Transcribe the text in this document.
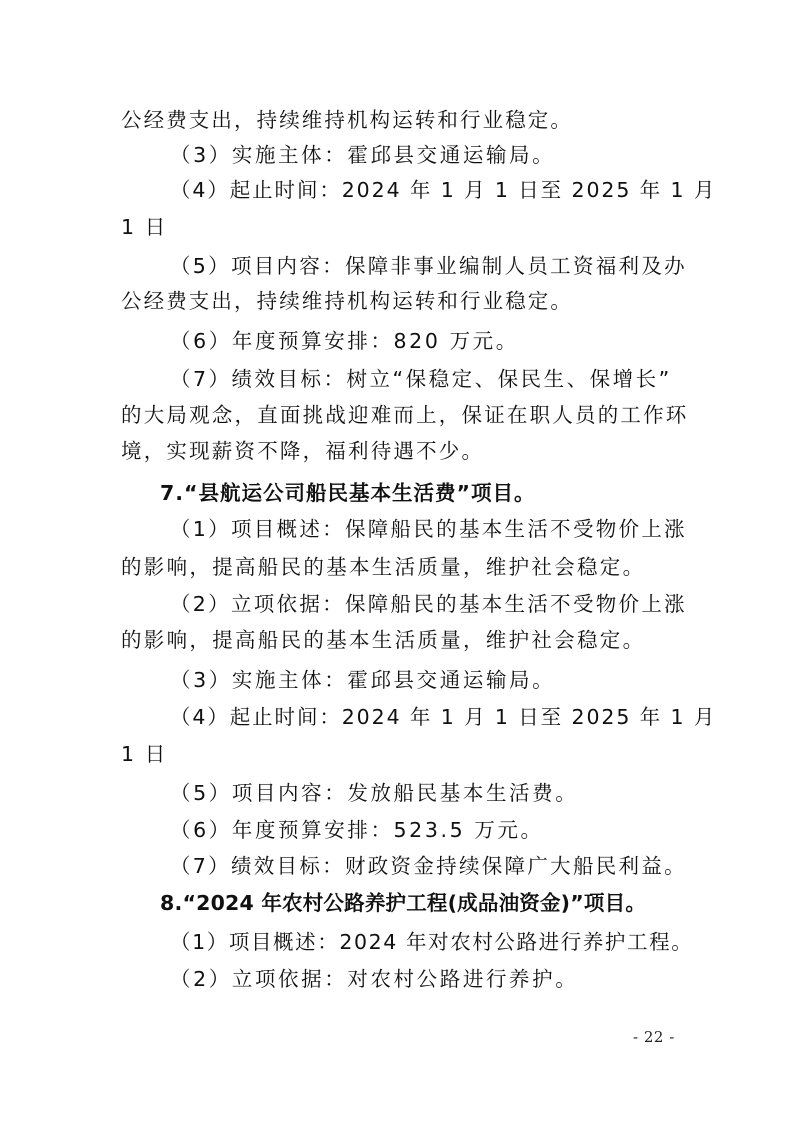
公经费支出，持续维持机构运转和行业稳定。
（3）实施主体：霍邱县交通运输局。
（4）起止时间：2024 年 1 月 1 日至 2025 年 1 月
1 日
（5）项目内容：保障非事业编制人员工资福利及办
公经费支出，持续维持机构运转和行业稳定。
（6）年度预算安排：820 万元。
（7）绩效目标：树立“保稳定、保民生、保增长”
的大局观念，直面挑战迎难而上，保证在职人员的工作环
境，实现薪资不降，福利待遇不少。
7.“县航运公司船民基本生活费”项目。
（1）项目概述：保障船民的基本生活不受物价上涨
的影响，提高船民的基本生活质量，维护社会稳定。
（2）立项依据：保障船民的基本生活不受物价上涨
的影响，提高船民的基本生活质量，维护社会稳定。
（3）实施主体：霍邱县交通运输局。
（4）起止时间：2024 年 1 月 1 日至 2025 年 1 月
1 日
（5）项目内容：发放船民基本生活费。
（6）年度预算安排：523.5 万元。
（7）绩效目标：财政资金持续保障广大船民利益。
8.“2024 年农村公路养护工程(成品油资金)”项目。
（1）项目概述：2024 年对农村公路进行养护工程。
（2）立项依据：对农村公路进行养护。
- 22 -
